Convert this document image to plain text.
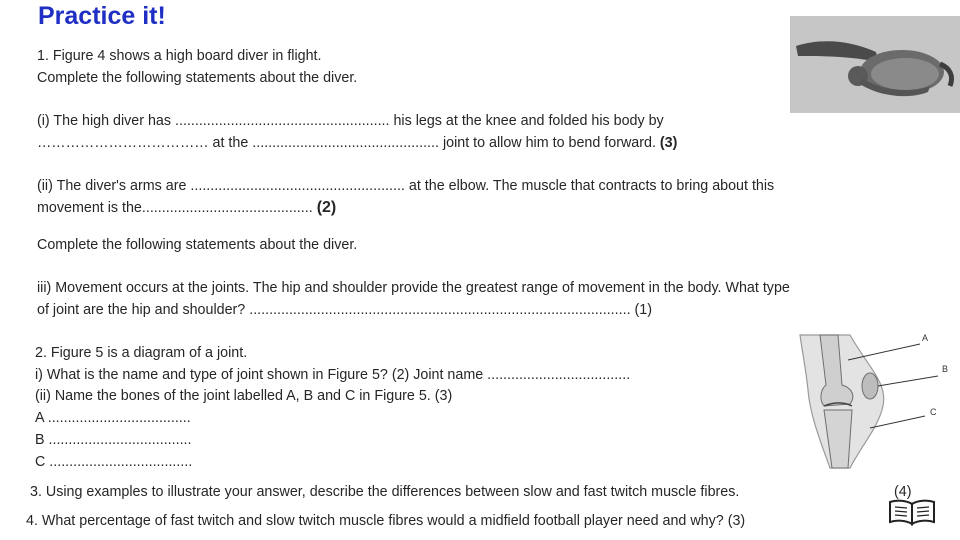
Practice it!
1. Figure 4 shows a high board diver in flight.
Complete the following statements about the diver.
(i) The high diver has ...................................................... his legs at the knee and folded his body by
……………………………… at the ............................................... joint to allow him to bend forward. (3)
(ii) The diver's arms are ...................................................... at the elbow. The muscle that contracts to bring about this
movement is the........................................... (2)
Complete the following statements about the diver.
iii) Movement occurs at the joints. The hip and shoulder provide the greatest range of movement in the body. What type
of joint are the hip and shoulder? ................................................................................................ (1)
2. Figure 5 is a diagram of a joint.
i) What is the name and type of joint shown in Figure 5? (2) Joint name ....................................
(ii) Name the bones of the joint labelled A, B and C in Figure 5. (3)
A ....................................
B ....................................
C ....................................
3. Using examples to illustrate your answer, describe the differences between slow and fast twitch muscle fibres.	(4)
4. What percentage of fast twitch and slow twitch muscle fibres would a midfield football player need and why? (3)
A
B
C
